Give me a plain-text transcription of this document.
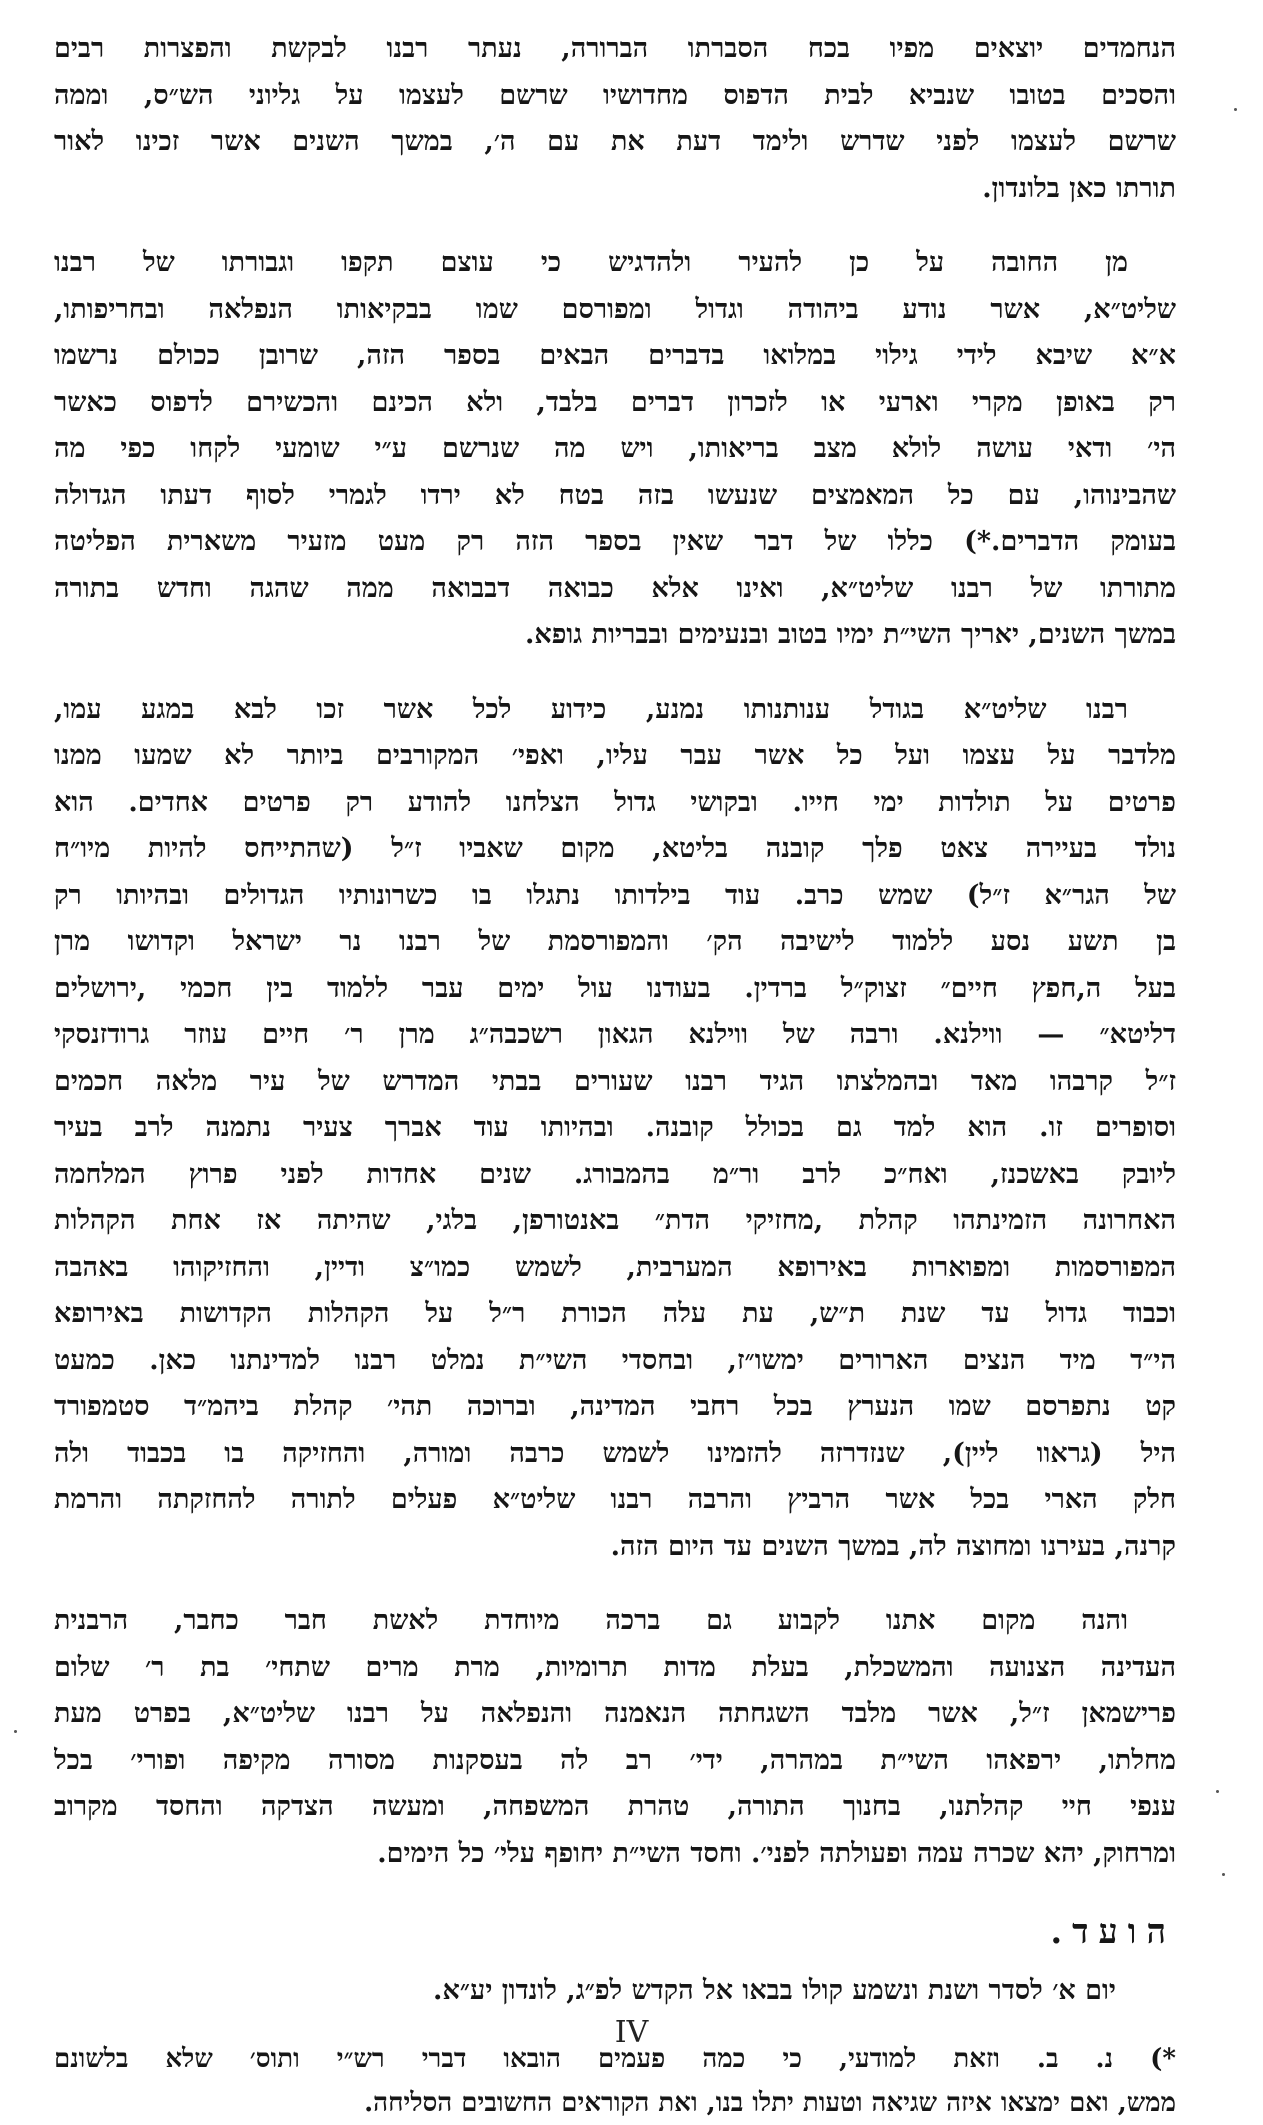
הנחמדים יוצאים מפיו בכח הסברתו הברורה, נעתר רבנו לבקשת והפצרות רבים
והסכים בטובו שנביא לבית הדפוס מחדושיו שרשם לעצמו על גליוני הש״ס, וממה
שרשם לעצמו לפני שדרש ולימד דעת את עם ה׳, במשך השנים אשר זכינו לאור
תורתו כאן בלונדון.
מן החובה על כן להעיר ולהדגיש כי עוצם תקפו וגבורתו של רבנו
שליט״א, אשר נודע ביהודה וגדול ומפורסם שמו בבקיאותו הנפלאה ובחריפותו,
א״א שיבא לידי גילוי במלואו בדברים הבאים בספר הזה, שרובן ככולם נרשמו
רק באופן מקרי וארעי או לזכרון דברים בלבד, ולא הכינם והכשירם לדפוס כאשר
הי׳ ודאי עושה לולא מצב בריאותו, ויש מה שנרשם ע״י שומעי לקחו כפי מה
שהבינוהו, עם כל המאמצים שנעשו בזה בטח לא ירדו לגמרי לסוף דעתו הגדולה
בעומק הדברים.*) כללו של דבר שאין בספר הזה רק מעט מזעיר משארית הפליטה
מתורתו של רבנו שליט״א, ואינו אלא כבואה דבבואה ממה שהגה וחדש בתורה
במשך השנים, יאריך השי״ת ימיו בטוב ובנעימים ובבריות גופא.
רבנו שליט״א בגודל ענותנותו נמנע, כידוע לכל אשר זכו לבא במגע עמו,
מלדבר על עצמו ועל כל אשר עבר עליו, ואפי׳ המקורבים ביותר לא שמעו ממנו
פרטים על תולדות ימי חייו. ובקושי גדול הצלחנו להודע רק פרטים אחדים. הוא
נולד בעיירה צאט פלך קובנה בליטא, מקום שאביו ז״ל (שהתייחס להיות מיו״ח
של הגר״א ז״ל) שמש כרב. עוד בילדותו נתגלו בו כשרונותיו הגדולים ובהיותו רק
בן תשע נסע ללמוד לישיבה הק׳ והמפורסמת של רבנו נר ישראל וקדושו מרן
בעל ה,חפץ חיים״ זצוק״ל ברדין. בעודנו עול ימים עבר ללמוד בין חכמי ,ירושלים
דליטא״ — ווילנא. ורבה של ווילנא הגאון רשכבה״ג מרן ר׳ חיים עוזר גרודזנסקי
ז״ל קרבהו מאד ובהמלצתו הגיד רבנו שעורים בבתי המדרש של עיר מלאה חכמים
וסופרים זו. הוא למד גם בכולל קובנה. ובהיותו עוד אברך צעיר נתמנה לרב בעיר
ליובק באשכנז, ואח״כ לרב ור״מ בהמבורג. שנים אחדות לפני פרוץ המלחמה
האחרונה הזמינתהו קהלת ,מחזיקי הדת״ באנטורפן, בלגי, שהיתה אז אחת הקהלות
המפורסמות ומפוארות באירופא המערבית, לשמש כמו״צ ודיין, והחזיקוהו באהבה
וכבוד גדול עד שנת ת״ש, עת עלה הכורת ר״ל על הקהלות הקדושות באירופא
הי״ד מיד הנצים הארורים ימשו״ז, ובחסדי השי״ת נמלט רבנו למדינתנו כאן. כמעט
קט נתפרסם שמו הנערץ בכל רחבי המדינה, וברוכה תהי׳ קהלת ביהמ״ד סטמפורד
היל (גראוו ליין), שנזדרזה להזמינו לשמש כרבה ומורה, והחזיקה בו בכבוד ולה
חלק הארי בכל אשר הרביץ והרבה רבנו שליט״א פעלים לתורה להחזקתה והרמת
קרנה, בעירנו ומחוצה לה, במשך השנים עד היום הזה.
והנה מקום אתנו לקבוע גם ברכה מיוחדת לאשת חבר כחבר, הרבנית
העדינה הצנועה והמשכלת, בעלת מדות תרומיות, מרת מרים שתחי׳ בת ר׳ שלום
פרישמאן ז״ל, אשר מלבד השגחתה הנאמנה והנפלאה על רבנו שליט״א, בפרט מעת
מחלתו, ירפאהו השי״ת במהרה, ידי׳ רב לה בעסקנות מסורה מקיפה ופורי׳ בכל
ענפי חיי קהלתנו, בחנוך התורה, טהרת המשפחה, ומעשה הצדקה והחסד מקרוב
ומרחוק, יהא שכרה עמה ופעולתה לפני׳. וחסד השי״ת יחופף עלי׳ כל הימים.
הועד.
יום א׳ לסדר ושנת ונשמע קולו בבאו אל הקדש לפ״ג, לונדון יע״א.
*) נ. ב. וזאת למודעי, כי כמה פעמים הובאו דברי רש״י ותוס׳ שלא בלשונם
ממש, ואם ימצאו איזה שגיאה וטעות יתלו בנו, ואת הקוראים החשובים הסליחה.
IV
